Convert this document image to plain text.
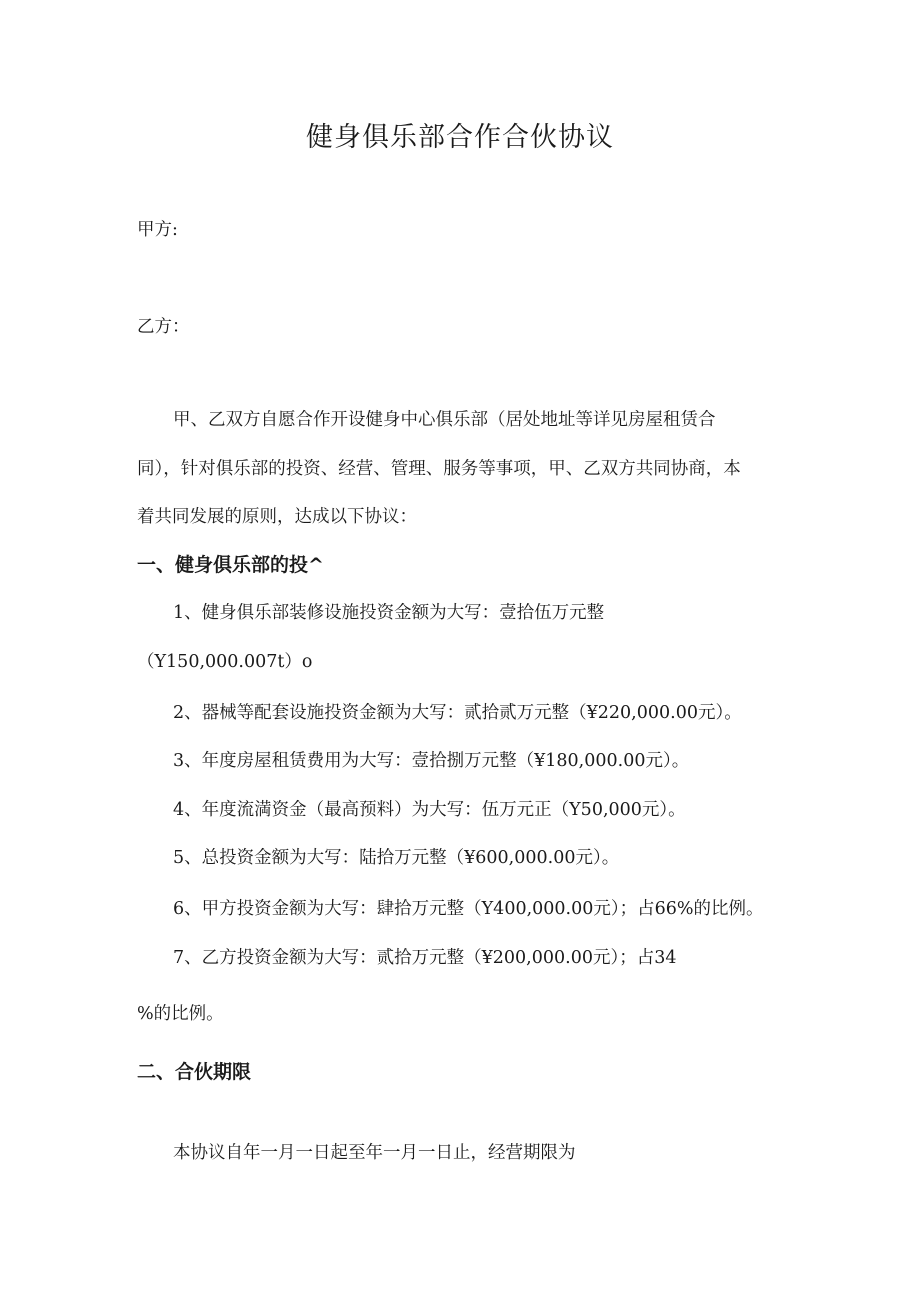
健身俱乐部合作合伙协议
甲方:
乙方：
甲、乙双方自愿合作开设健身中心俱乐部（居处地址等详见房屋租赁合
同），针对俱乐部的投资、经营、管理、服务等事项，甲、乙双方共同协商，本
着共同发展的原则，达成以下协议：
一、健身俱乐部的投^
1、健身俱乐部装修设施投资金额为大写：壹拾伍万元整
（Y150,000.007t）o
2、器械等配套设施投资金额为大写：贰拾贰万元整（¥220,000.00元）。
3、年度房屋租赁费用为大写：壹拾捌万元整（¥180,000.00元）。
4、年度流満资金（最高预料）为大写：伍万元正（Y50,000元）。
5、总投资金额为大写：陆拾万元整（¥600,000.00元）。
6、甲方投资金额为大写：肆拾万元整（Y400,000.00元）；占66%的比例。
7、乙方投资金额为大写：贰拾万元整（¥200,000.00元）；占34
%的比例。
二、合伙期限
本协议自年一月一日起至年一月一日止，经营期限为
